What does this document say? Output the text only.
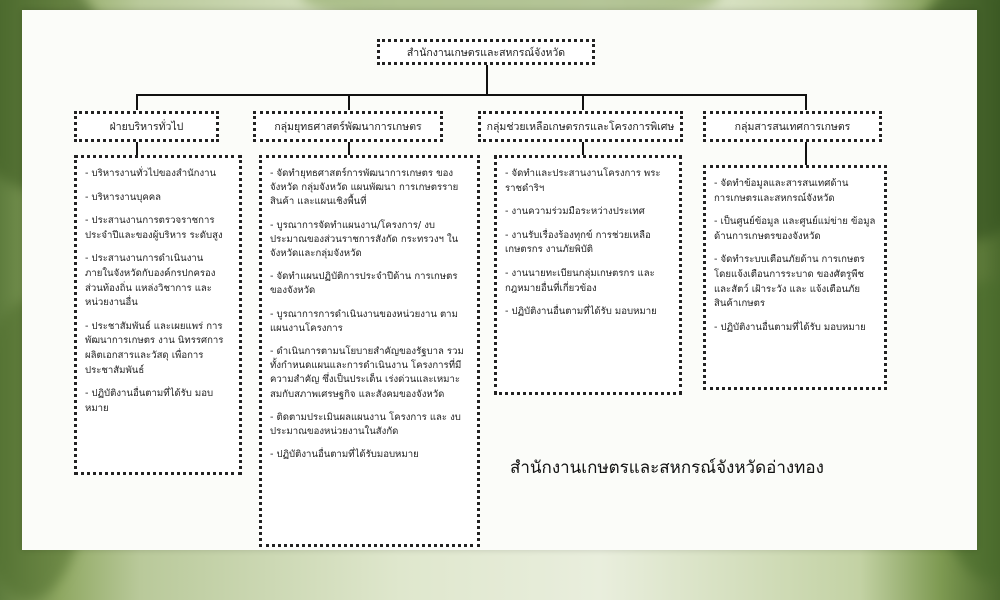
สำนักงานเกษตรและสหกรณ์จังหวัด
ฝ่ายบริหารทั่วไป	กลุ่มยุทธศาสตร์พัฒนาการเกษตร	กลุ่มช่วยเหลือเกษตรกรและโครงการพิเศษ	กลุ่มสารสนเทศการเกษตร
- บริหารงานทั่วไปของสำนักงาน
- บริหารงานบุคคล
- ประสานงานการตรวจราชการ ประจำปีและของผู้บริหาร ระดับสูง
- ประสานงานการดำเนินงาน ภายในจังหวัดกับองค์กรปกครอง ส่วนท้องถิ่น แหล่งวิชาการ และ หน่วยงานอื่น
- ประชาสัมพันธ์ และเผยแพร่ การพัฒนาการเกษตร งาน นิทรรศการ ผลิตเอกสารและวัสดุ เพื่อการประชาสัมพันธ์
- ปฏิบัติงานอื่นตามที่ได้รับ มอบหมาย
- จัดทำยุทธศาสตร์การพัฒนาการเกษตร ของจังหวัด กลุ่มจังหวัด แผนพัฒนา การเกษตรรายสินค้า และแผนเชิงพื้นที่
- บูรณาการจัดทำแผนงาน/โครงการ/ งบประมาณของส่วนราชการสังกัด กระทรวงฯ ในจังหวัดและกลุ่มจังหวัด
- จัดทำแผนปฏิบัติการประจำปีด้าน การเกษตรของจังหวัด
- บูรณาการการดำเนินงานของหน่วยงาน ตามแผนงานโครงการ
- ดำเนินการตามนโยบายสำคัญของรัฐบาล รวมทั้งกำหนดแผนและการดำเนินงาน โครงการที่มีความสำคัญ ซึ่งเป็นประเด็น เร่งด่วนและเหมาะสมกับสภาพเศรษฐกิจ และสังคมของจังหวัด
- ติดตามประเมินผลแผนงาน โครงการ และ งบประมาณของหน่วยงานในสังกัด
- ปฏิบัติงานอื่นตามที่ได้รับมอบหมาย
- จัดทำและประสานงานโครงการ พระราชดำริฯ
- งานความร่วมมือระหว่างประเทศ
- งานรับเรื่องร้องทุกข์ การช่วยเหลือ เกษตรกร งานภัยพิบัติ
- งานนายทะเบียนกลุ่มเกษตรกร และกฎหมายอื่นที่เกี่ยวข้อง
- ปฏิบัติงานอื่นตามที่ได้รับ มอบหมาย
- จัดทำข้อมูลและสารสนเทศด้าน การเกษตรและสหกรณ์จังหวัด
- เป็นศูนย์ข้อมูล และศูนย์แม่ข่าย ข้อมูลด้านการเกษตรของจังหวัด
- จัดทำระบบเตือนภัยด้าน การเกษตรโดยแจ้งเตือนการระบาด ของศัตรูพืชและสัตว์ เฝ้าระวัง และ แจ้งเตือนภัยสินค้าเกษตร
- ปฏิบัติงานอื่นตามที่ได้รับ มอบหมาย
สำนักงานเกษตรและสหกรณ์จังหวัดอ่างทอง
